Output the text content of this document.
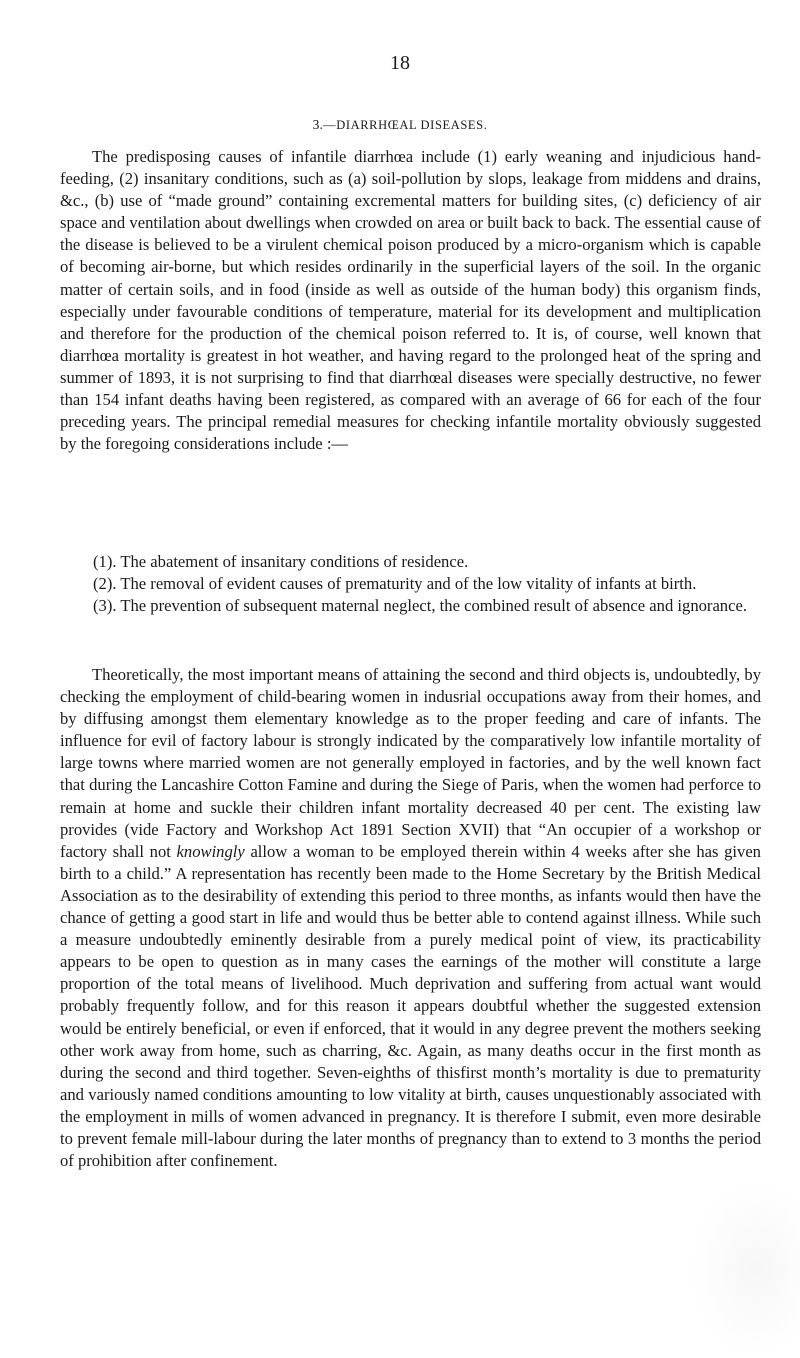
18
3.—DIARRHŒAL DISEASES.

The predisposing causes of infantile diarrhœa include (1) early weaning and injudicious hand-feeding, (2) insanitary conditions, such as (a) soil-pollution by slops, leakage from middens and drains, &c., (b) use of “made ground” containing excremental matters for building sites, (c) deficiency of air space and ventilation about dwellings when crowded on area or built back to back. The essential cause of the disease is believed to be a virulent chemical poison produced by a micro-organism which is capable of becoming air-borne, but which resides ordinarily in the superficial layers of the soil. In the organic matter of certain soils, and in food (inside as well as outside of the human body) this organism finds, especially under favourable conditions of temperature, material for its development and multiplication and therefore for the production of the chemical poison referred to. It is, of course, well known that diarrhœa mortality is greatest in hot weather, and having regard to the prolonged heat of the spring and summer of 1893, it is not surprising to find that diarrhœal diseases were specially destructive, no fewer than 154 infant deaths having been registered, as compared with an average of 66 for each of the four preceding years. The principal remedial measures for checking infantile mortality obviously suggested by the foregoing considerations include :—

(1). The abatement of insanitary conditions of residence.

(2). The removal of evident causes of prematurity and of the low vitality of infants at birth.

(3). The prevention of subsequent maternal neglect, the combined result of absence and ignorance.

Theoretically, the most important means of attaining the second and third objects is, undoubtedly, by checking the employment of child-bearing women in indusrial occupations away from their homes, and by diffusing amongst them elementary knowledge as to the proper feeding and care of infants. The influence for evil of factory labour is strongly indicated by the comparatively low infantile mortality of large towns where married women are not generally employed in factories, and by the well known fact that during the Lancashire Cotton Famine and during the Siege of Paris, when the women had perforce to remain at home and suckle their children infant mortality decreased 40 per cent. The existing law provides (vide Factory and Workshop Act 1891 Section XVII) that “An occupier of a workshop or factory shall not knowingly allow a woman to be employed therein within 4 weeks after she has given birth to a child.” A representation has recently been made to the Home Secretary by the British Medical Association as to the desirability of extending this period to three months, as infants would then have the chance of getting a good start in life and would thus be better able to contend against illness. While such a measure undoubtedly eminently desirable from a purely medical point of view, its practicability appears to be open to question as in many cases the earnings of the mother will constitute a large proportion of the total means of livelihood. Much deprivation and suffering from actual want would probably frequently follow, and for this reason it appears doubtful whether the suggested extension would be entirely beneficial, or even if enforced, that it would in any degree prevent the mothers seeking other work away from home, such as charring, &c. Again, as many deaths occur in the first month as during the second and third together. Seven-eighths of thisfirst month’s mortality is due to prematurity and variously named conditions amounting to low vitality at birth, causes unquestionably associated with the employment in mills of women advanced in pregnancy. It is therefore I submit, even more desirable to prevent female mill-labour during the later months of pregnancy than to extend to 3 months the period of prohibition after confinement.
